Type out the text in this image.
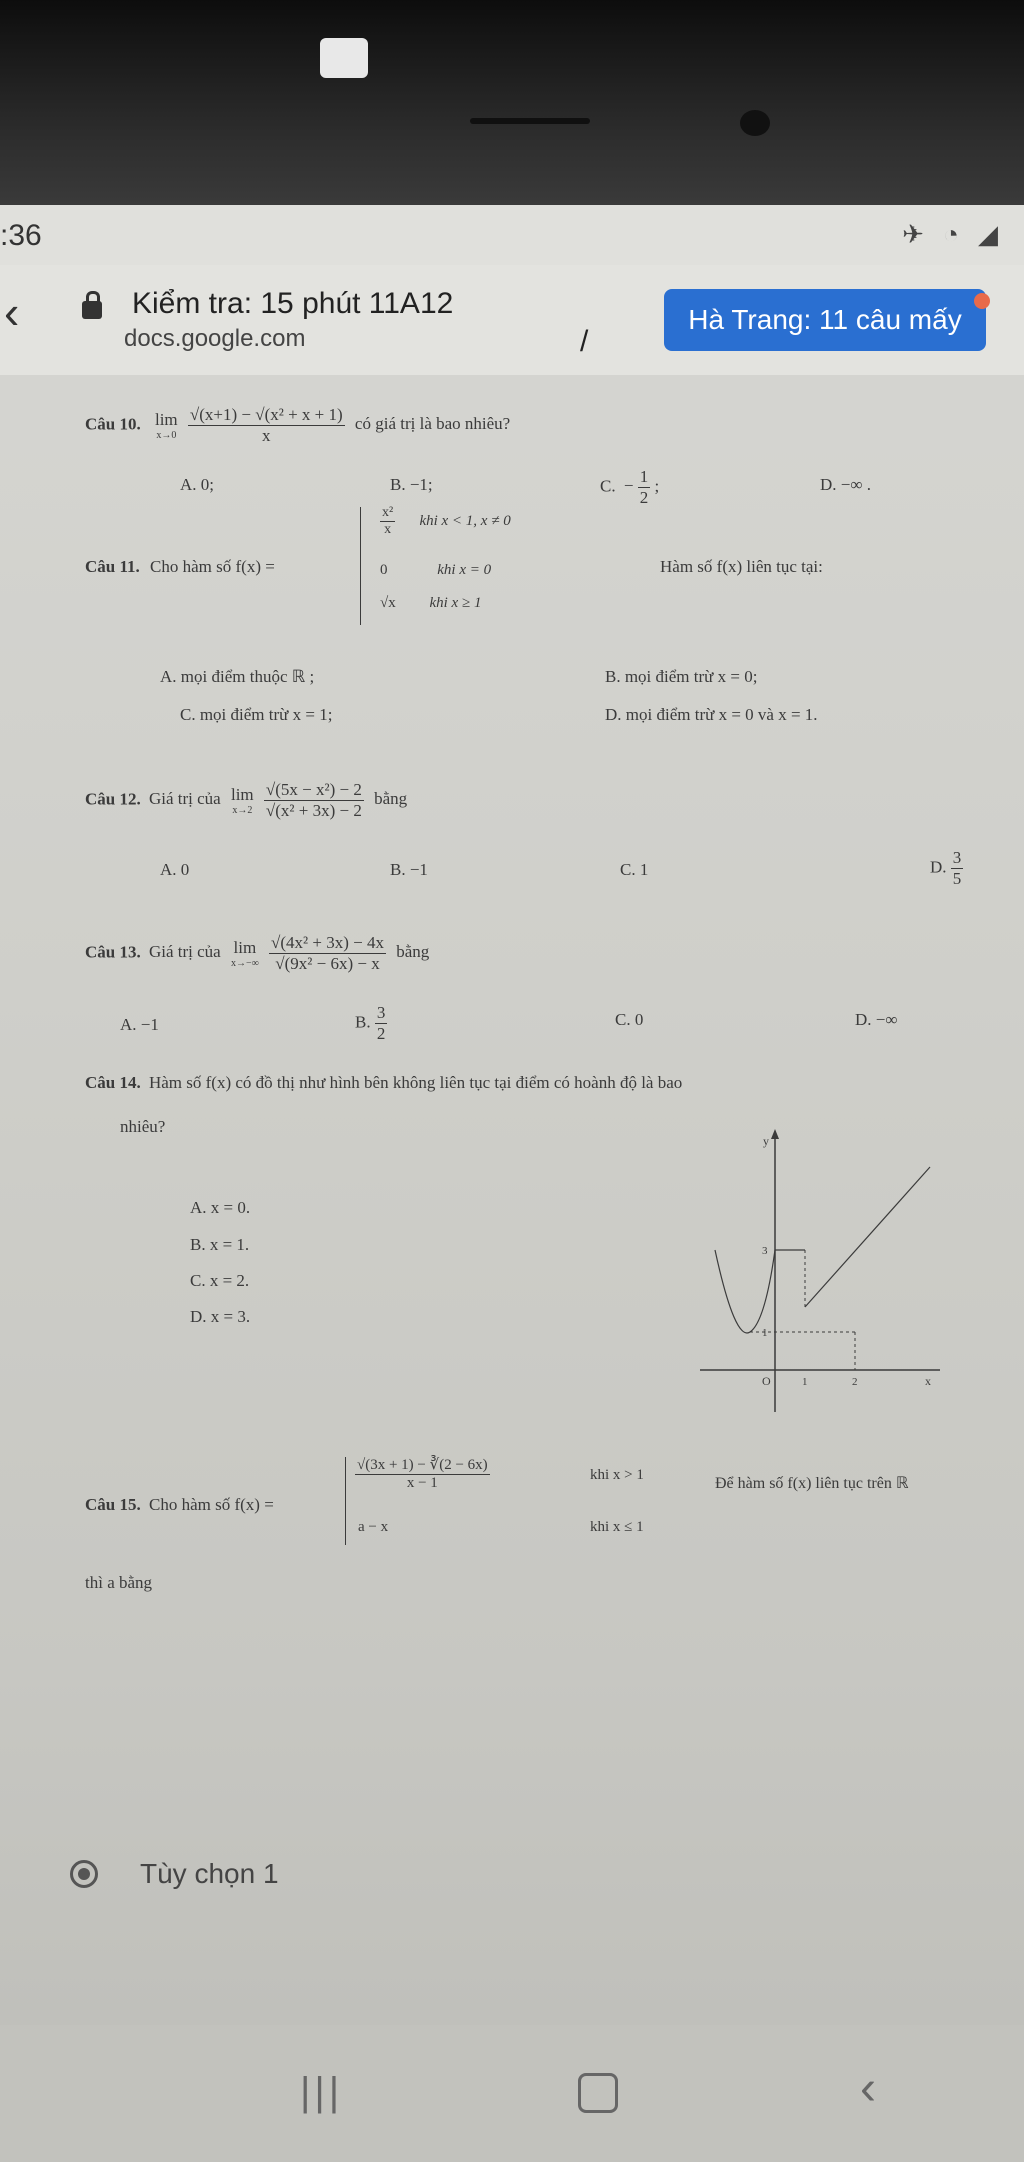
:36	✈ ◔ ◢
‹	Kiểm tra: 15 phút 11A12
docs.google.com	/
Hà Trang: 11 câu mấy
Câu 10. lim
x→0
$\frac{\text{√(x+1) − √(x² + x + 1)}}{x}$ có giá trị là bao nhiêu?
A. 0;	B. −1;	C. − $\frac{1}{2}$ ;	D. −∞ .
Câu 11. Cho hàm số f(x) =
$\frac{\text{x²}}{x}$ khi x < 1, x ≠ 0
0	khi x = 0
√x khi x ≥ 1
Hàm số f(x) liên tục tại:
A. mọi điểm thuộc ℝ ;	B. mọi điểm trừ x = 0;
C. mọi điểm trừ x = 1;	D. mọi điểm trừ x = 0 và x = 1.
Câu 12. Giá trị của lim
x→2
$\frac{\text{√(5x − x²) − 2}}{\text{√(x² + 3x) − 2}}$ bằng
A. 0	B. −1	C. 1	D. $\frac{3}{5}$
Câu 13. Giá trị của lim
x→−∞
$\frac{\text{√(4x² + 3x) − 4x}}{\text{√(9x² − 6x) − x}}$ bằng
A. −1	B. $\frac{3}{2}$	C. 0	D. −∞
Câu 14. Hàm số f(x) có đồ thị như hình bên không liên tục tại điểm có hoành độ là bao
nhiêu?
A. x = 0.
B. x = 1.
C. x = 2.
D. x = 3.
y
x
O	1	2
3
1
Câu 15. Cho hàm số f(x) =
$\frac{√(3x + 1) - ∛(2 - 6x)}{x - 1}$	khi x > 1
a − x	khi x ≤ 1
Để hàm số f(x) liên tục trên ℝ
thì a bằng
Tùy chọn 1
|||	‹
